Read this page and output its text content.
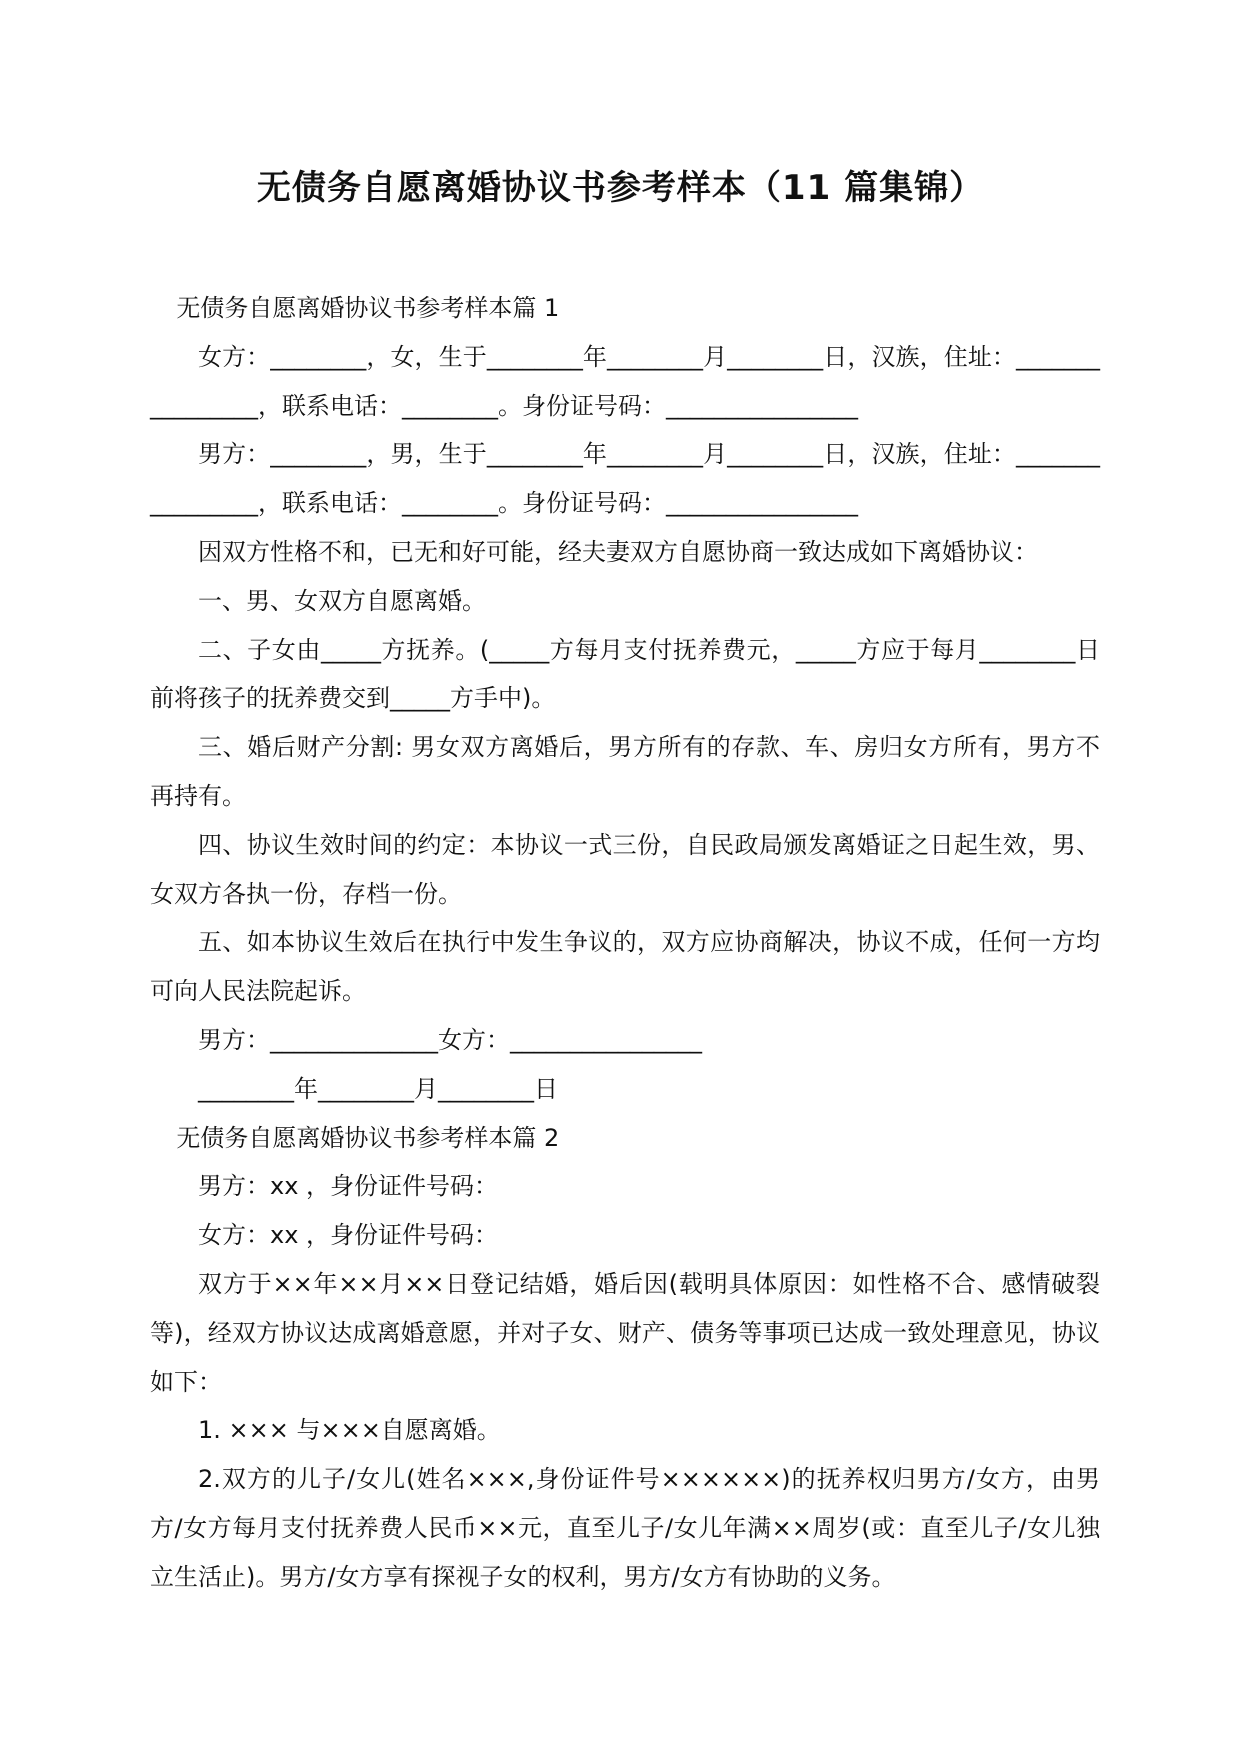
无债务自愿离婚协议书参考样本（11 篇集锦）

无债务自愿离婚协议书参考样本篇 1

女方：________，女，生于________年________月________日，汉族，住址：________________，联系电话：________。身份证号码：________________

男方：________，男，生于________年________月________日，汉族，住址：________________，联系电话：________。身份证号码：________________

因双方性格不和，已无和好可能，经夫妻双方自愿协商一致达成如下离婚协议：

一、男、女双方自愿离婚。

二、子女由_____方抚养。(_____方每月支付抚养费元，_____方应于每月________日前将孩子的抚养费交到_____方手中)。

三、婚后财产分割: 男女双方离婚后，男方所有的存款、车、房归女方所有，男方不再持有。

四、协议生效时间的约定：本协议一式三份，自民政局颁发离婚证之日起生效，男、女双方各执一份，存档一份。

五、如本协议生效后在执行中发生争议的，双方应协商解决，协议不成，任何一方均可向人民法院起诉。

男方：______________女方：________________

________年________月________日

无债务自愿离婚协议书参考样本篇 2

男方：xx ，身份证件号码：

女方：xx ，身份证件号码：

双方于××年××月××日登记结婚，婚后因(载明具体原因：如性格不合、感情破裂等)，经双方协议达成离婚意愿，并对子女、财产、债务等事项已达成一致处理意见，协议如下：

1. ××× 与×××自愿离婚。

2.双方的儿子/女儿(姓名×××,身份证件号××××××)的抚养权归男方/女方，由男方/女方每月支付抚养费人民币××元，直至儿子/女儿年满××周岁(或：直至儿子/女儿独立生活止)。男方/女方享有探视子女的权利，男方/女方有协助的义务。
